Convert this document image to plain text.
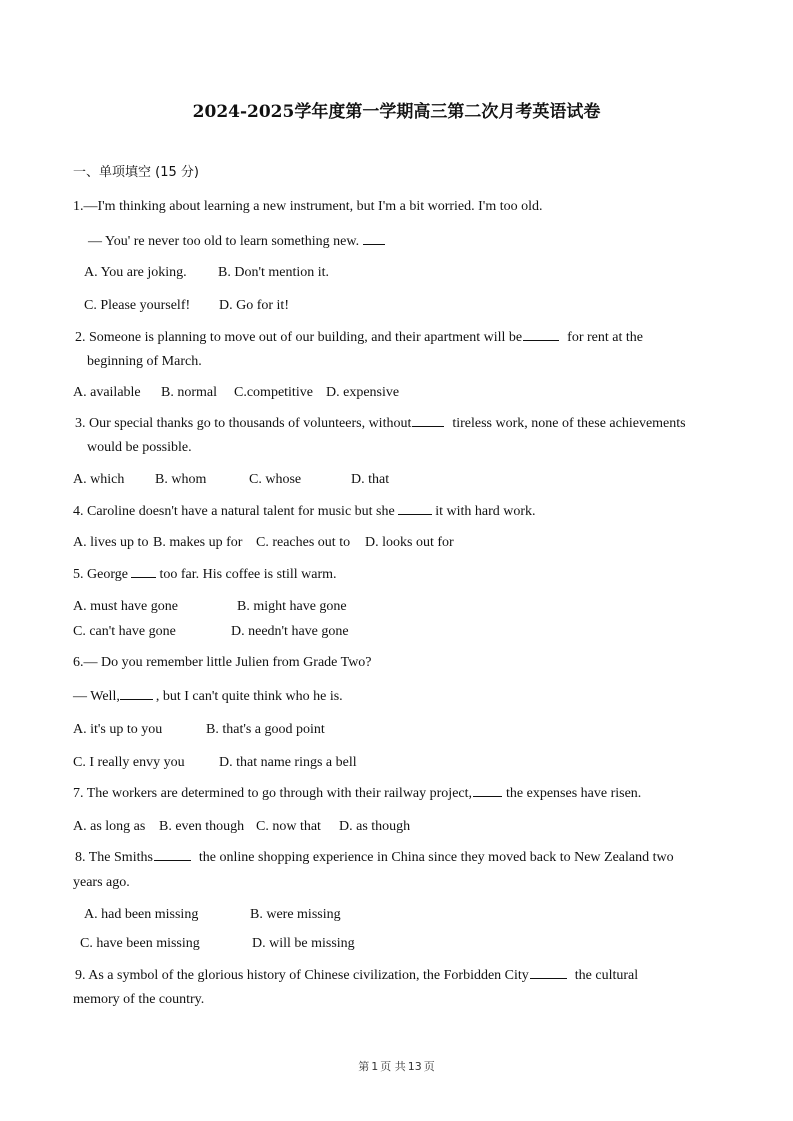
2024-2025学年度第一学期高三第二次月考英语试卷
一、单项填空 (15 分)
1.—I'm thinking about learning a new instrument, but I'm a bit worried. I'm too old.
— You' re never too old to learn something new.
A. You are joking. B. Don't mention it.
C. Please yourself! D. Go for it!
2. Someone is planning to move out of our building, and their apartment will be	for rent at the
beginning of March.
A. available B. normal C.competitive D. expensive
3. Our special thanks go to thousands of volunteers, without	tireless work, none of these achievements
would be possible.
A. which B. whom	C. whose	D. that
4. Caroline doesn't have a natural talent for music but she	it with hard work.
A. lives up to B. makes up for C. reaches out to D. looks out for
5. George too far. His coffee is still warm.
A. must have gone	B. might have gone
C. can't have gone	D. needn't have gone
6.— Do you remember little Julien from Grade Two?
— Well,	, but I can't quite think who he is.
A. it's up to you	B. that's a good point
C. I really envy you D. that name rings a bell
7. The workers are determined to go through with their railway project, the expenses have risen.
A. as long as B. even though C. now that D. as though
8. The Smiths	the online shopping experience in China since they moved back to New Zealand two
years ago.
A. had been missing	B. were missing
C. have been missing	D. will be missing
9. As a symbol of the glorious history of Chinese civilization, the Forbidden City	the cultural
memory of the country.
第 1 页 共 13 页
